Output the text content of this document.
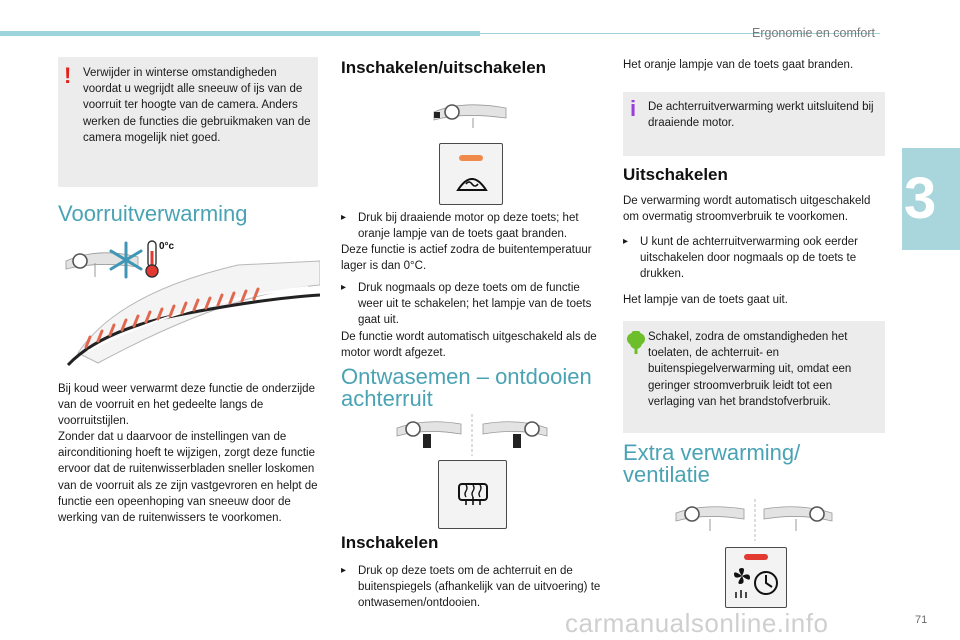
Ergonomie en comfort
3
71
carmanualsonline.info
! Verwijder in winterse omstandigheden voordat u wegrijdt alle sneeuw of ijs van de voorruit ter hoogte van de camera. Anders werken de functies die gebruikmaken van de camera mogelijk niet goed.
Voorruitverwarming
0°c
Bij koud weer verwarmt deze functie de onderzijde van de voorruit en het gedeelte langs de voorruitstijlen.
Zonder dat u daarvoor de instellingen van de airconditioning hoeft te wijzigen, zorgt deze functie ervoor dat de ruitenwisserbladen sneller loskomen van de voorruit als ze zijn vastgevroren en helpt de functie een opeenhoping van sneeuw door de werking van de ruitenwissers te voorkomen.
Inschakelen/uitschakelen
▸ Druk bij draaiende motor op deze toets; het oranje lampje van de toets gaat branden.
Deze functie is actief zodra de buitentemperatuur lager is dan 0°C.
▸ Druk nogmaals op deze toets om de functie weer uit te schakelen; het lampje van de toets gaat uit.
De functie wordt automatisch uitgeschakeld als de motor wordt afgezet.
Ontwasemen – ontdooien achterruit
Inschakelen
▸ Druk op deze toets om de achterruit en de buitenspiegels (afhankelijk van de uitvoering) te ontwasemen/ontdooien.
Het oranje lampje van de toets gaat branden.
i De achterruitverwarming werkt uitsluitend bij draaiende motor.
Uitschakelen
De verwarming wordt automatisch uitgeschakeld om overmatig stroomverbruik te voorkomen.
▸ U kunt de achterruitverwarming ook eerder uitschakelen door nogmaals op de toets te drukken.
Het lampje van de toets gaat uit.
Schakel, zodra de omstandigheden het toelaten, de achterruit- en buitenspiegelverwarming uit, omdat een geringer stroomverbruik leidt tot een verlaging van het brandstofverbruik.
Extra verwarming/ ventilatie
